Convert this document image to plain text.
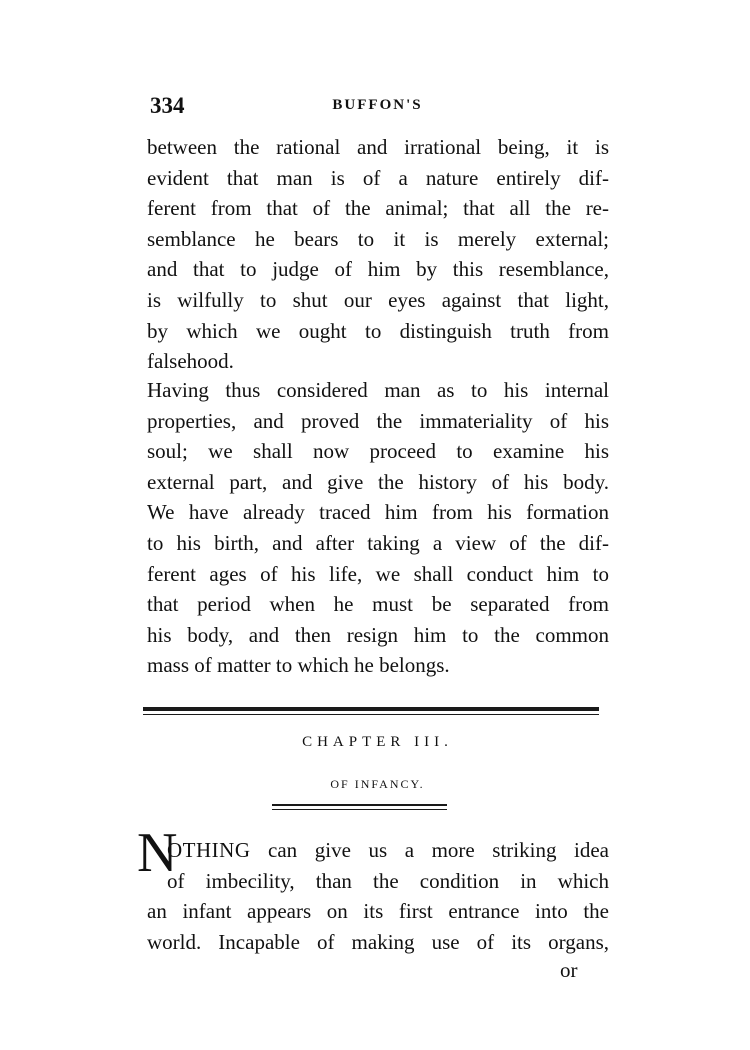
334	BUFFON'S
between the rational and irrational being, it is
evident that man is of a nature entirely dif-
ferent from that of the animal; that all the re-
semblance he bears to it is merely external;
and that to judge of him by this resemblance,
is wilfully to shut our eyes against that light,
by which we ought to distinguish truth from
falsehood.
Having thus considered man as to his internal
properties, and proved the immateriality of his
soul; we shall now proceed to examine his
external part, and give the history of his body.
We have already traced him from his formation
to his birth, and after taking a view of the dif-
ferent ages of his life, we shall conduct him to
that period when he must be separated from
his body, and then resign him to the common
mass of matter to which he belongs.
CHAPTER III.
OF INFANCY.
N
OTHING can give us a more striking idea
of imbecility, than the condition in which
an infant appears on its first entrance into the
world. Incapable of making use of its organs,
or
